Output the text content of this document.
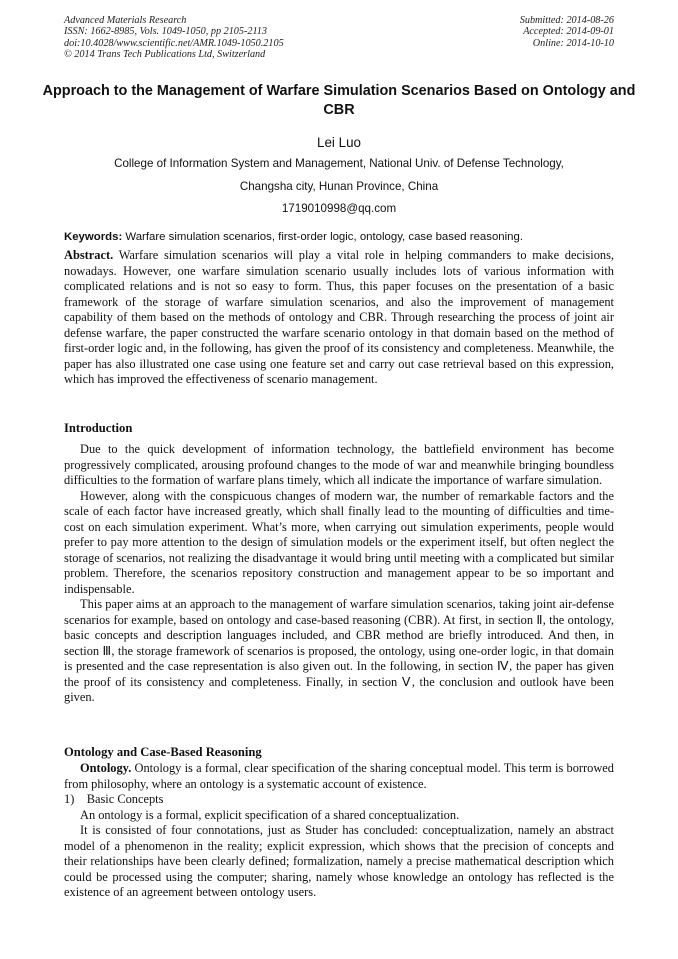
Advanced Materials Research
ISSN: 1662-8985, Vols. 1049-1050, pp 2105-2113
doi:10.4028/www.scientific.net/AMR.1049-1050.2105
© 2014 Trans Tech Publications Ltd, Switzerland
Submitted: 2014-08-26
Accepted: 2014-09-01
Online: 2014-10-10
Approach to the Management of Warfare Simulation Scenarios Based on Ontology and CBR
Lei Luo
College of Information System and Management, National Univ. of Defense Technology,
Changsha city, Hunan Province, China
1719010998@qq.com
Keywords: Warfare simulation scenarios, first-order logic, ontology, case based reasoning.

Abstract. Warfare simulation scenarios will play a vital role in helping commanders to make decisions, nowadays. However, one warfare simulation scenario usually includes lots of various information with complicated relations and is not so easy to form. Thus, this paper focuses on the presentation of a basic framework of the storage of warfare simulation scenarios, and also the improvement of management capability of them based on the methods of ontology and CBR. Through researching the process of joint air defense warfare, the paper constructed the warfare scenario ontology in that domain based on the method of first-order logic and, in the following, has given the proof of its consistency and completeness. Meanwhile, the paper has also illustrated one case using one feature set and carry out case retrieval based on this expression, which has improved the effectiveness of scenario management.

Introduction

Due to the quick development of information technology, the battlefield environment has become progressively complicated, arousing profound changes to the mode of war and meanwhile bringing boundless difficulties to the formation of warfare plans timely, which all indicate the importance of warfare simulation.

However, along with the conspicuous changes of modern war, the number of remarkable factors and the scale of each factor have increased greatly, which shall finally lead to the mounting of difficulties and time-cost on each simulation experiment. What’s more, when carrying out simulation experiments, people would prefer to pay more attention to the design of simulation models or the experiment itself, but often neglect the storage of scenarios, not realizing the disadvantage it would bring until meeting with a complicated but similar problem. Therefore, the scenarios repository construction and management appear to be so important and indispensable.

This paper aims at an approach to the management of warfare simulation scenarios, taking joint air-defense scenarios for example, based on ontology and case-based reasoning (CBR). At first, in section Ⅱ, the ontology, basic concepts and description languages included, and CBR method are briefly introduced. And then, in section Ⅲ, the storage framework of scenarios is proposed, the ontology, using one-order logic, in that domain is presented and the case representation is also given out. In the following, in section Ⅳ, the paper has given the proof of its consistency and completeness. Finally, in section Ⅴ, the conclusion and outlook have been given.

Ontology and Case-Based Reasoning

Ontology. Ontology is a formal, clear specification of the sharing conceptual model. This term is borrowed from philosophy, where an ontology is a systematic account of existence.

1)    Basic Concepts

An ontology is a formal, explicit specification of a shared conceptualization.

It is consisted of four connotations, just as Studer has concluded: conceptualization, namely an abstract model of a phenomenon in the reality; explicit expression, which shows that the precision of concepts and their relationships have been clearly defined; formalization, namely a precise mathematical description which could be processed using the computer; sharing, namely whose knowledge an ontology has reflected is the existence of an agreement between ontology users.
